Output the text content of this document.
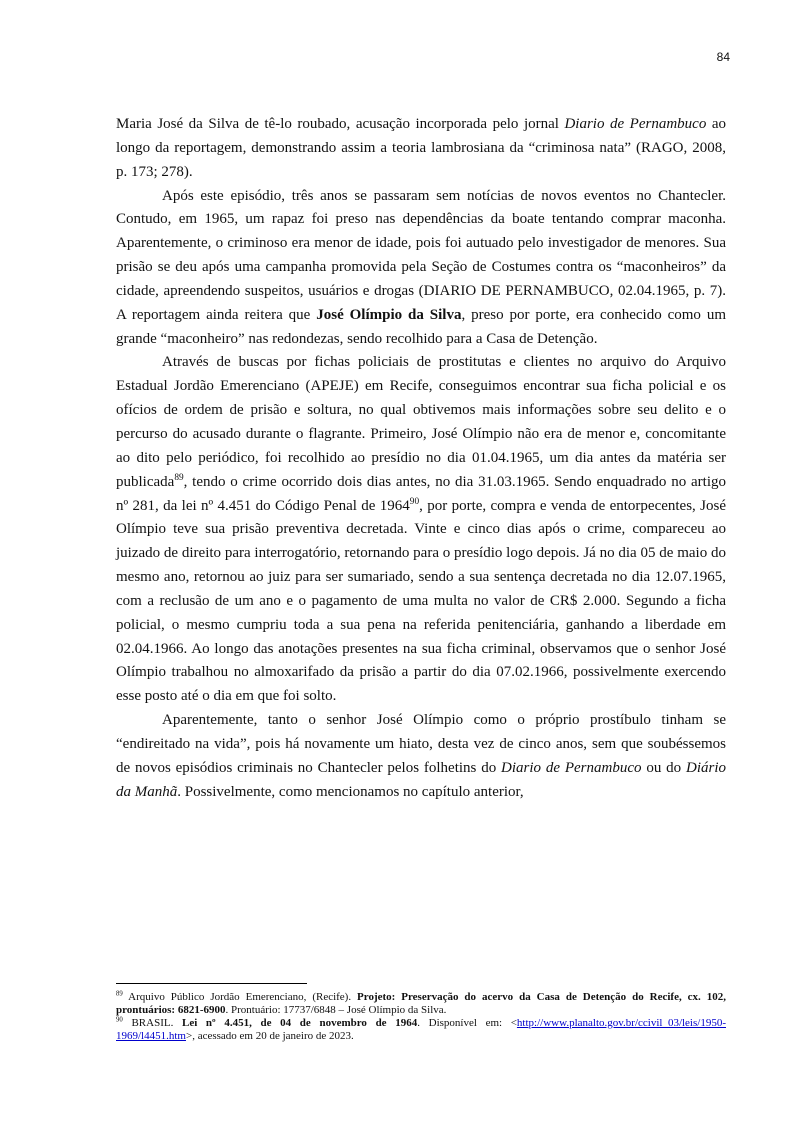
84

Maria José da Silva de tê-lo roubado, acusação incorporada pelo jornal Diario de Pernambuco ao longo da reportagem, demonstrando assim a teoria lambrosiana da “criminosa nata” (RAGO, 2008, p. 173; 278).

Após este episódio, três anos se passaram sem notícias de novos eventos no Chantecler. Contudo, em 1965, um rapaz foi preso nas dependências da boate tentando comprar maconha. Aparentemente, o criminoso era menor de idade, pois foi autuado pelo investigador de menores. Sua prisão se deu após uma campanha promovida pela Seção de Costumes contra os “maconheiros” da cidade, apreendendo suspeitos, usuários e drogas (DIARIO DE PERNAMBUCO, 02.04.1965, p. 7). A reportagem ainda reitera que José Olímpio da Silva, preso por porte, era conhecido como um grande “maconheiro” nas redondezas, sendo recolhido para a Casa de Detenção.

Através de buscas por fichas policiais de prostitutas e clientes no arquivo do Arquivo Estadual Jordão Emerenciano (APEJE) em Recife, conseguimos encontrar sua ficha policial e os ofícios de ordem de prisão e soltura, no qual obtivemos mais informações sobre seu delito e o percurso do acusado durante o flagrante. Primeiro, José Olímpio não era de menor e, concomitante ao dito pelo periódico, foi recolhido ao presídio no dia 01.04.1965, um dia antes da matéria ser publicada$^{89}$, tendo o crime ocorrido dois dias antes, no dia 31.03.1965. Sendo enquadrado no artigo nº 281, da lei nº 4.451 do Código Penal de 1964$^{90}$, por porte, compra e venda de entorpecentes, José Olímpio teve sua prisão preventiva decretada. Vinte e cinco dias após o crime, compareceu ao juizado de direito para interrogatório, retornando para o presídio logo depois. Já no dia 05 de maio do mesmo ano, retornou ao juiz para ser sumariado, sendo a sua sentença decretada no dia 12.07.1965, com a reclusão de um ano e o pagamento de uma multa no valor de CR$ 2.000. Segundo a ficha policial, o mesmo cumpriu toda a sua pena na referida penitenciária, ganhando a liberdade em 02.04.1966. Ao longo das anotações presentes na sua ficha criminal, observamos que o senhor José Olímpio trabalhou no almoxarifado da prisão a partir do dia 07.02.1966, possivelmente exercendo esse posto até o dia em que foi solto.

Aparentemente, tanto o senhor José Olímpio como o próprio prostíbulo tinham se “endireitado na vida”, pois há novamente um hiato, desta vez de cinco anos, sem que soubéssemos de novos episódios criminais no Chantecler pelos folhetins do Diario de Pernambuco ou do Diário da Manhã. Possivelmente, como mencionamos no capítulo anterior,

$^{89}$ Arquivo Público Jordão Emerenciano, (Recife). Projeto: Preservação do acervo da Casa de Detenção do Recife, cx. 102, prontuários: 6821-6900. Prontuário: 17737/6848 – José Olímpio da Silva.

$^{90}$ BRASIL. Lei nº 4.451, de 04 de novembro de 1964. Disponível em: <http://www.planalto.gov.br/ccivil_03/leis/1950-1969/l4451.htm>, acessado em 20 de janeiro de 2023.
